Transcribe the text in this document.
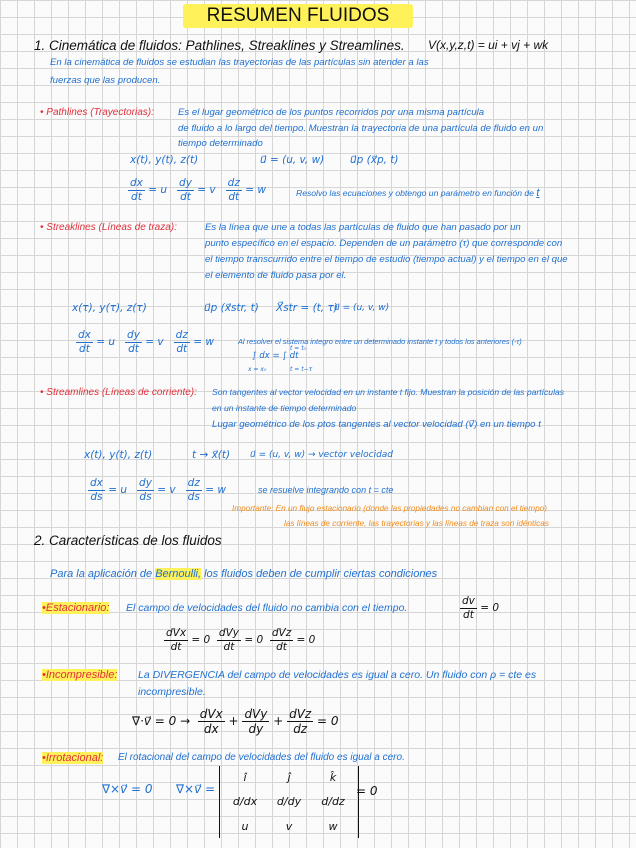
RESUMEN FLUIDOS
1. Cinemática de fluidos: Pathlines, Streaklines y Streamlines. V(x,y,z,t) = ui + vj + wk
En la cinemática de fluidos se estudian las trayectorias de las partículas sin atender a las
fuerzas que las producen.
• Pathlines (Trayectorias):	Es el lugar geométrico de los puntos recorridos por una misma partícula
de fluido a lo largo del tiempo. Muestran la trayectoria de una partícula de fluido en un
tiempo determinado
x(t), y(t), z(t)	u⃗ = (u, v, w) u⃗p (x⃗p, t)
$\frac{dx}{dt} = u \frac{dy}{dt} = v \frac{dz}{dt} = w$	Resolvo las ecuaciones y obtengo un parámetro en función de t
• Streaklines (Líneas de traza):	Es la línea que une a todas las partículas de fluido que han pasado por un
punto específico en el espacio. Dependen de un parámetro (τ) que corresponde con
el tiempo transcurrido entre el tiempo de estudio (tiempo actual) y el tiempo en el que
el elemento de fluido pasa por el.
x(τ), y(τ), z(τ)	u⃗p (x⃗str, t) X⃗str = (t, τ)
u⃗ = (u, v, w)
$\frac{dx}{dt} = u \frac{dy}{dt} = v \frac{dz}{dt} = w$	Al resolver el sistema integro entre un determinado instante t y todos los anteriores (-τ)
∫ dx = ∫ dt
x = x₀	t = t−τ
t = t₀
• Streamlines (Líneas de corriente): Son tangentes al vector velocidad en un instante t fijo. Muestran la posición de las partículas
en un instante de tiempo determinado
Lugar geométrico de los ptos tangentes al vector velocidad (v⃗) en un tiempo t
x(t), y(t), z(t)	t → x⃗(t) u⃗ = (u, v, w) → vector velocidad
$\frac{dx}{ds} = u \frac{dy}{ds} = v \frac{dz}{ds} = w$	se resuelve integrando con t = cte
Importante: En un flujo estacionario (donde las propiedades no cambian con el tiempo)
las líneas de corriente, las trayectorias y las líneas de traza son idénticas
2. Características de los fluidos
Para la aplicación de Bernoulli, los fluidos deben de cumplir ciertas condiciones
•Estacionario: El campo de velocidades del fluido no cambia con el tiempo.	$\frac{dv}{dt} = 0$
$\frac{\text{dVx}}{dt} = 0 \frac{\text{dVy}}{dt} = 0 \frac{\text{dVz}}{dt} = 0$
•Incompresible: La DIVERGENCIA del campo de velocidades es igual a cero. Un fluido con ρ = cte es
incompresible.
∇·v⃗ = $0 \to \frac{\text{dVx}}{dx} + \frac{\text{dVy}}{dy} + \frac{\text{dVz}}{dz} = 0$
•Irrotacional: El rotacional del campo de velocidades del fluido es igual a cero.
∇×v⃗ = 0 ∇×v⃗ =
î	ĵ	k̂
d/dx	d/dy	d/dz
u	v	w
= 0
